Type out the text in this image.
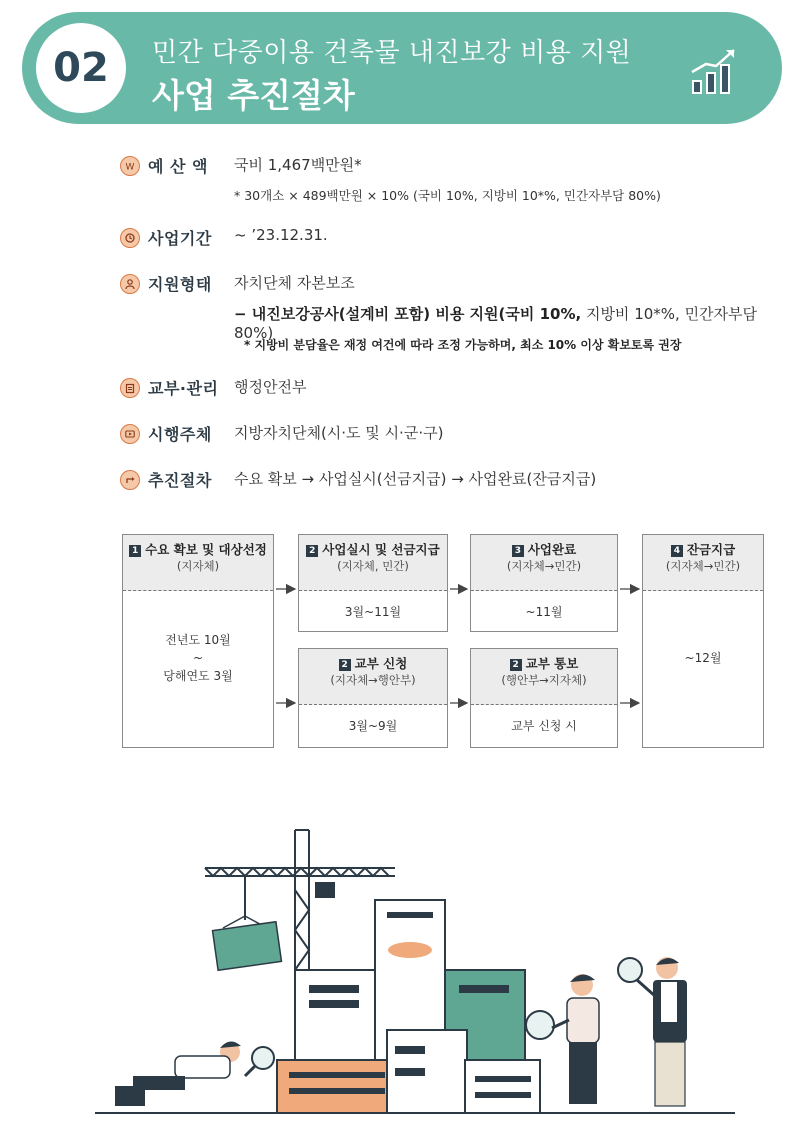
02	민간 다중이용 건축물 내진보강 비용 지원
사업 추진절차
W 예 산 액	국비 1,467백만원*
* 30개소 × 489백만원 × 10% (국비 10%, 지방비 10*%, 민간자부담 80%)
사업기간	~ ’23.12.31.
지원형태	자치단체 자본보조
− 내진보강공사(설계비 포함) 비용 지원(국비 10%, 지방비 10*%, 민간자부담 80%)
* 지방비 분담율은 재정 여건에 따라 조정 가능하며, 최소 10% 이상 확보토록 권장
교부·관리	행정안전부
시행주체	지방자치단체(시·도 및 시·군·구)
추진절차	수요 확보 → 사업실시(선금지급) → 사업완료(잔금지급)
1 수요 확보 및 대상선정
(지자체)
전년도 10월
~
당해연도 3월
2 사업실시 및 선금지급
(지자체, 민간)
3월~11월
2 교부 신청
(지자체→행안부)
3월~9월
3 사업완료
(지자체→민간)
~11월
2 교부 통보
(행안부→지자체)
교부 신청 시
4 잔금지급
(지자체→민간)
~12월
